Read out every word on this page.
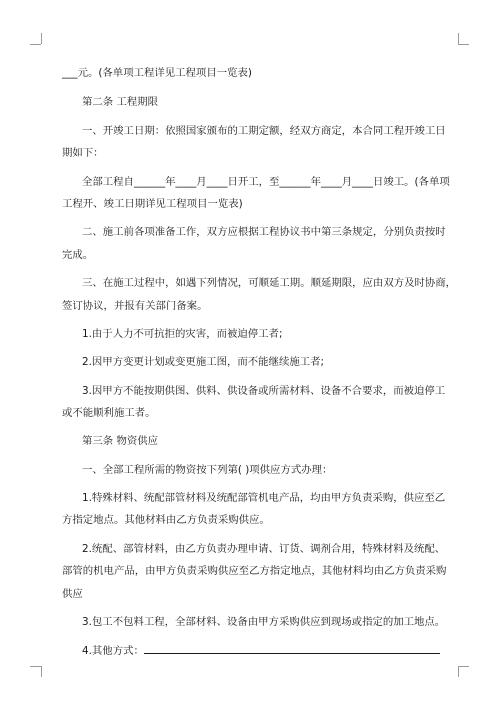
___元。(各单项工程详见工程项目一览表)
第二条 工程期限
一、开竣工日期：依照国家颁布的工期定额，经双方商定，本合同工程开竣工日
期如下：
全部工程自______年____月____日开工，至______年____月____日竣工。(各单项
工程开、竣工日期详见工程项目一览表)
二、施工前各项准备工作，双方应根据工程协议书中第三条规定，分别负责按时
完成。
三、在施工过程中，如遇下列情况，可顺延工期。顺延期限，应由双方及时协商，
签订协议，并报有关部门备案。
1.由于人力不可抗拒的灾害，而被迫停工者;
2.因甲方变更计划或变更施工图，而不能继续施工者;
3.因甲方不能按期供图、供料、供设备或所需材料、设备不合要求，而被迫停工
或不能顺利施工者。
第三条 物资供应
一、全部工程所需的物资按下列第( )项供应方式办理：
1.特殊材料、统配部管材料及统配部管机电产品，均由甲方负责采购，供应至乙
方指定地点。其他材料由乙方负责采购供应。
2.统配、部管材料，由乙方负责办理申请、订货、调剂合用，特殊材料及统配、
部管的机电产品，由甲方负责采购供应至乙方指定地点，其他材料均由乙方负责采购
供应
3.包工不包料工程，全部材料、设备由甲方采购供应到现场或指定的加工地点。
4.其他方式：
